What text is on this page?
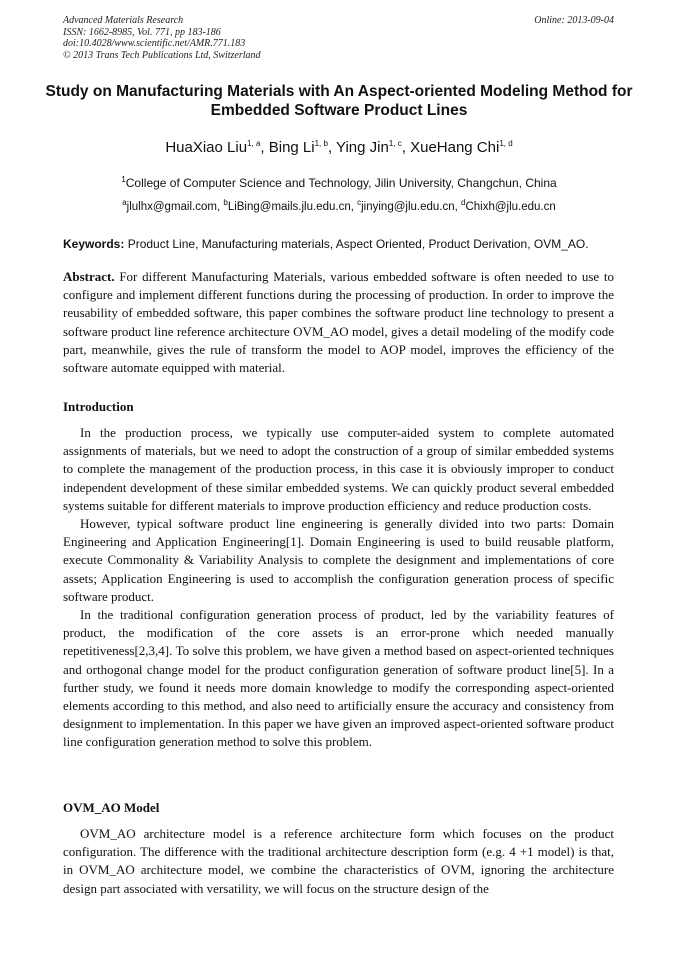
Advanced Materials Research
ISSN: 1662-8985, Vol. 771, pp 183-186
doi:10.4028/www.scientific.net/AMR.771.183
© 2013 Trans Tech Publications Ltd, Switzerland
Online: 2013-09-04
Study on Manufacturing Materials with An Aspect-oriented Modeling Method for Embedded Software Product Lines
HuaXiao Liu$^{1, a}$, Bing Li$^{1, b}$, Ying Jin$^{1, c}$, XueHang Chi$^{1, d}$
$^1$College of Computer Science and Technology, Jilin University, Changchun, China
$^a$jlulhx@gmail.com, $^b$LiBing@mails.jlu.edu.cn, $^c$jinying@jlu.edu.cn, $^d$Chixh@jlu.edu.cn
Keywords: Product Line, Manufacturing materials, Aspect Oriented, Product Derivation, OVM_AO.

Abstract. For different Manufacturing Materials, various embedded software is often needed to use to configure and implement different functions during the processing of production. In order to improve the reusability of embedded software, this paper combines the software product line technology to present a software product line reference architecture OVM_AO model, gives a detail modeling of the modify code part, meanwhile, gives the rule of transform the model to AOP model, improves the efficiency of the software automate equipped with material.

Introduction

In the production process, we typically use computer-aided system to complete automated assignments of materials, but we need to adopt the construction of a group of similar embedded systems to complete the management of the production process, in this case it is obviously improper to conduct independent development of these similar embedded systems. We can quickly product several embedded systems suitable for different materials to improve production efficiency and reduce production costs.

However, typical software product line engineering is generally divided into two parts: Domain Engineering and Application Engineering[1]. Domain Engineering is used to build reusable platform, execute Commonality & Variability Analysis to complete the designment and implementations of core assets; Application Engineering is used to accomplish the configuration generation process of specific software product.

In the traditional configuration generation process of product, led by the variability features of product, the modification of the core assets is an error-prone which needed manually repetitiveness[2,3,4]. To solve this problem, we have given a method based on aspect-oriented techniques and orthogonal change model for the product configuration generation of software product line[5]. In a further study, we found it needs more domain knowledge to modify the corresponding aspect-oriented elements according to this method, and also need to artificially ensure the accuracy and consistency from designment to implementation. In this paper we have given an improved aspect-oriented software product line configuration generation method to solve this problem.

OVM_AO Model

OVM_AO architecture model is a reference architecture form which focuses on the product configuration. The difference with the traditional architecture description form (e.g. 4 +1 model) is that, in OVM_AO architecture model, we combine the characteristics of OVM, ignoring the architecture design part associated with versatility, we will focus on the structure design of the
